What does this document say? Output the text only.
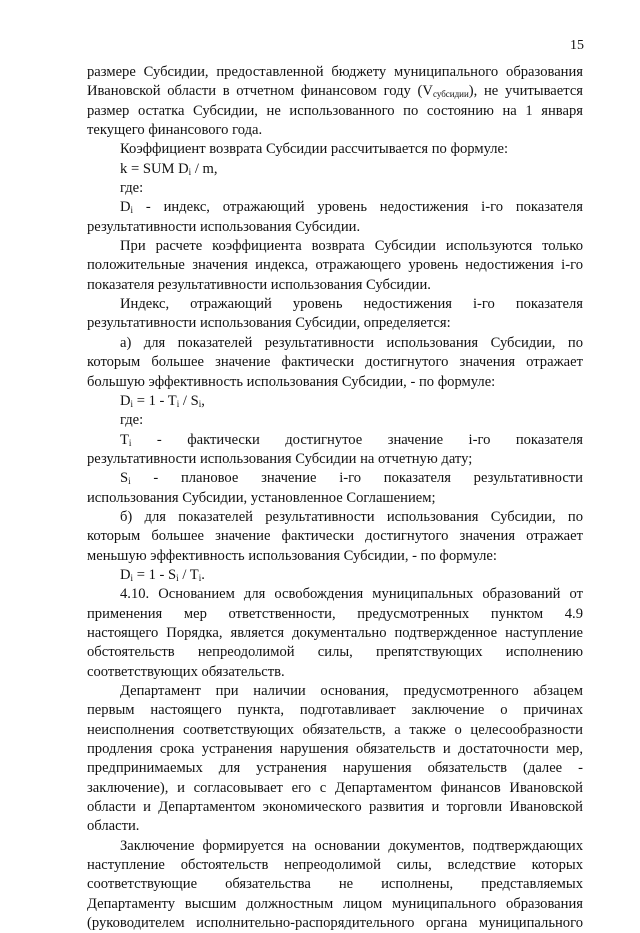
15
размере Субсидии, предоставленной бюджету муниципального образования
Ивановской области в отчетном финансовом году $(V_{субсидии})$, не учитывается
размер остатка Субсидии, не использованного по состоянию на 1 января
текущего финансового года.
Коэффициент возврата Субсидии рассчитывается по формуле:
k = SUM $D_i$ / m,
где:
$D_i$ - индекс, отражающий уровень недостижения i-го показателя
результативности использования Субсидии.
При расчете коэффициента возврата Субсидии используются только
положительные значения индекса, отражающего уровень недостижения i-го
показателя результативности использования Субсидии.
Индекс, отражающий уровень недостижения i-го показателя
результативности использования Субсидии, определяется:
а) для показателей результативности использования Субсидии, по
которым большее значение фактически достигнутого значения отражает
большую эффективность использования Субсидии, - по формуле:
$D_i = 1 - T_i / S_i$,
где:
$T_i$ - фактически достигнутое значение i-го показателя
результативности использования Субсидии на отчетную дату;
$S_i$ - плановое значение i-го показателя результативности
использования Субсидии, установленное Соглашением;
б) для показателей результативности использования Субсидии, по
которым большее значение фактически достигнутого значения отражает
меньшую эффективность использования Субсидии, - по формуле:
$D_i = 1 - S_i / T_i$.
4.10. Основанием для освобождения муниципальных образований от
применения мер ответственности, предусмотренных пунктом 4.9
настоящего Порядка, является документально подтвержденное наступление
обстоятельств непреодолимой силы, препятствующих исполнению
соответствующих обязательств.
Департамент при наличии основания, предусмотренного абзацем
первым настоящего пункта, подготавливает заключение о причинах
неисполнения соответствующих обязательств, а также о целесообразности
продления срока устранения нарушения обязательств и достаточности мер,
предпринимаемых для устранения нарушения обязательств (далее -
заключение), и согласовывает его с Департаментом финансов Ивановской
области и Департаментом экономического развития и торговли Ивановской
области.
Заключение формируется на основании документов, подтверждающих
наступление обстоятельств непреодолимой силы, вследствие которых
соответствующие обязательства не исполнены, представляемых
Департаменту высшим должностным лицом муниципального образования
(руководителем исполнительно-распорядительного органа муниципального
